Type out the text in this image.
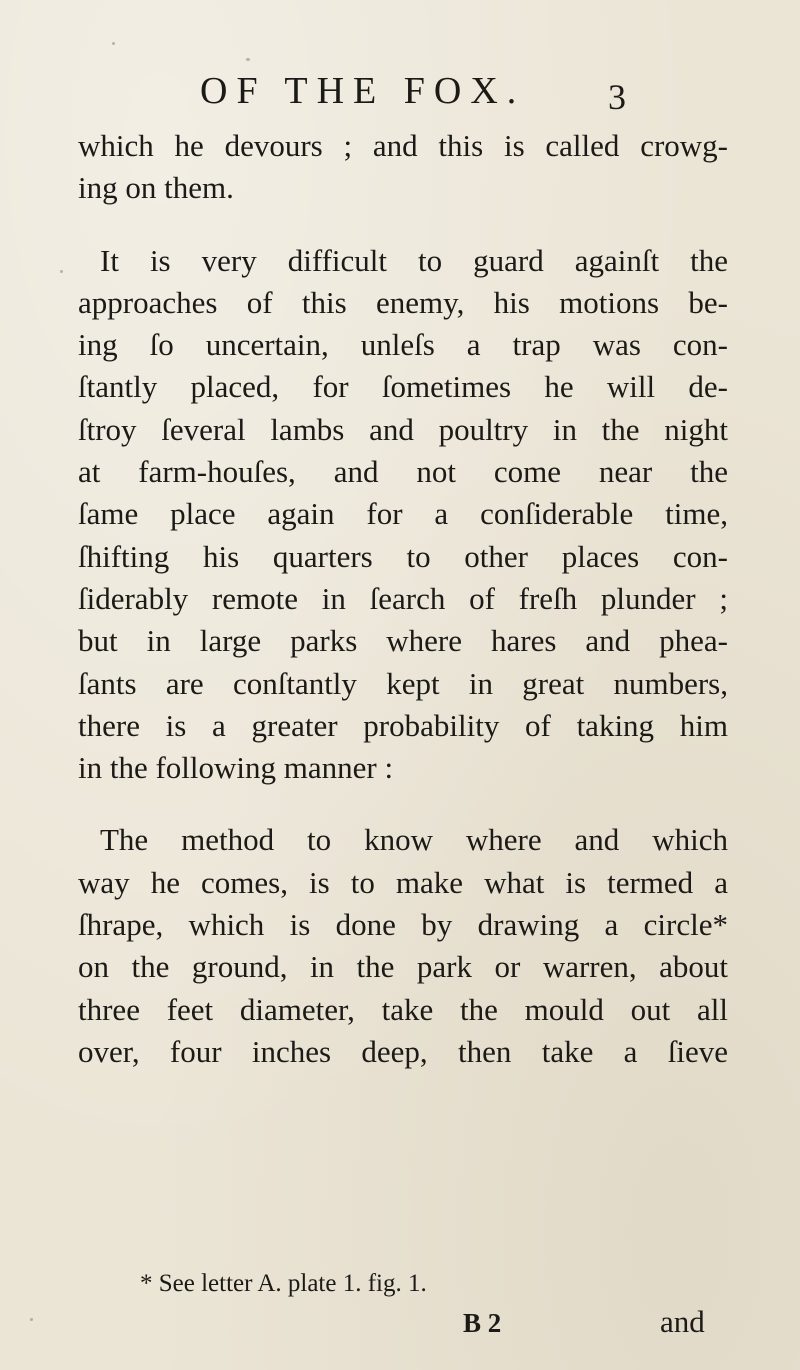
OF THE FOX. 3
which he devours ; and this is called crowg-
ing on them.
It is very difficult to guard againſt the
approaches of this enemy, his motions be-
ing ſo uncertain, unleſs a trap was con-
ſtantly placed, for ſometimes he will de-
ſtroy ſeveral lambs and poultry in the night
at farm-houſes, and not come near the
ſame place again for a conſiderable time,
ſhifting his quarters to other places con-
ſiderably remote in ſearch of freſh plunder ;
but in large parks where hares and phea-
ſants are conſtantly kept in great numbers,
there is a greater probability of taking him
in the following manner :
The method to know where and which
way he comes, is to make what is termed a
ſhrape, which is done by drawing a circle*
on the ground, in the park or warren, about
three feet diameter, take the mould out all
over, four inches deep, then take a ſieve
* See letter A. plate 1. fig. 1.
B 2	and
